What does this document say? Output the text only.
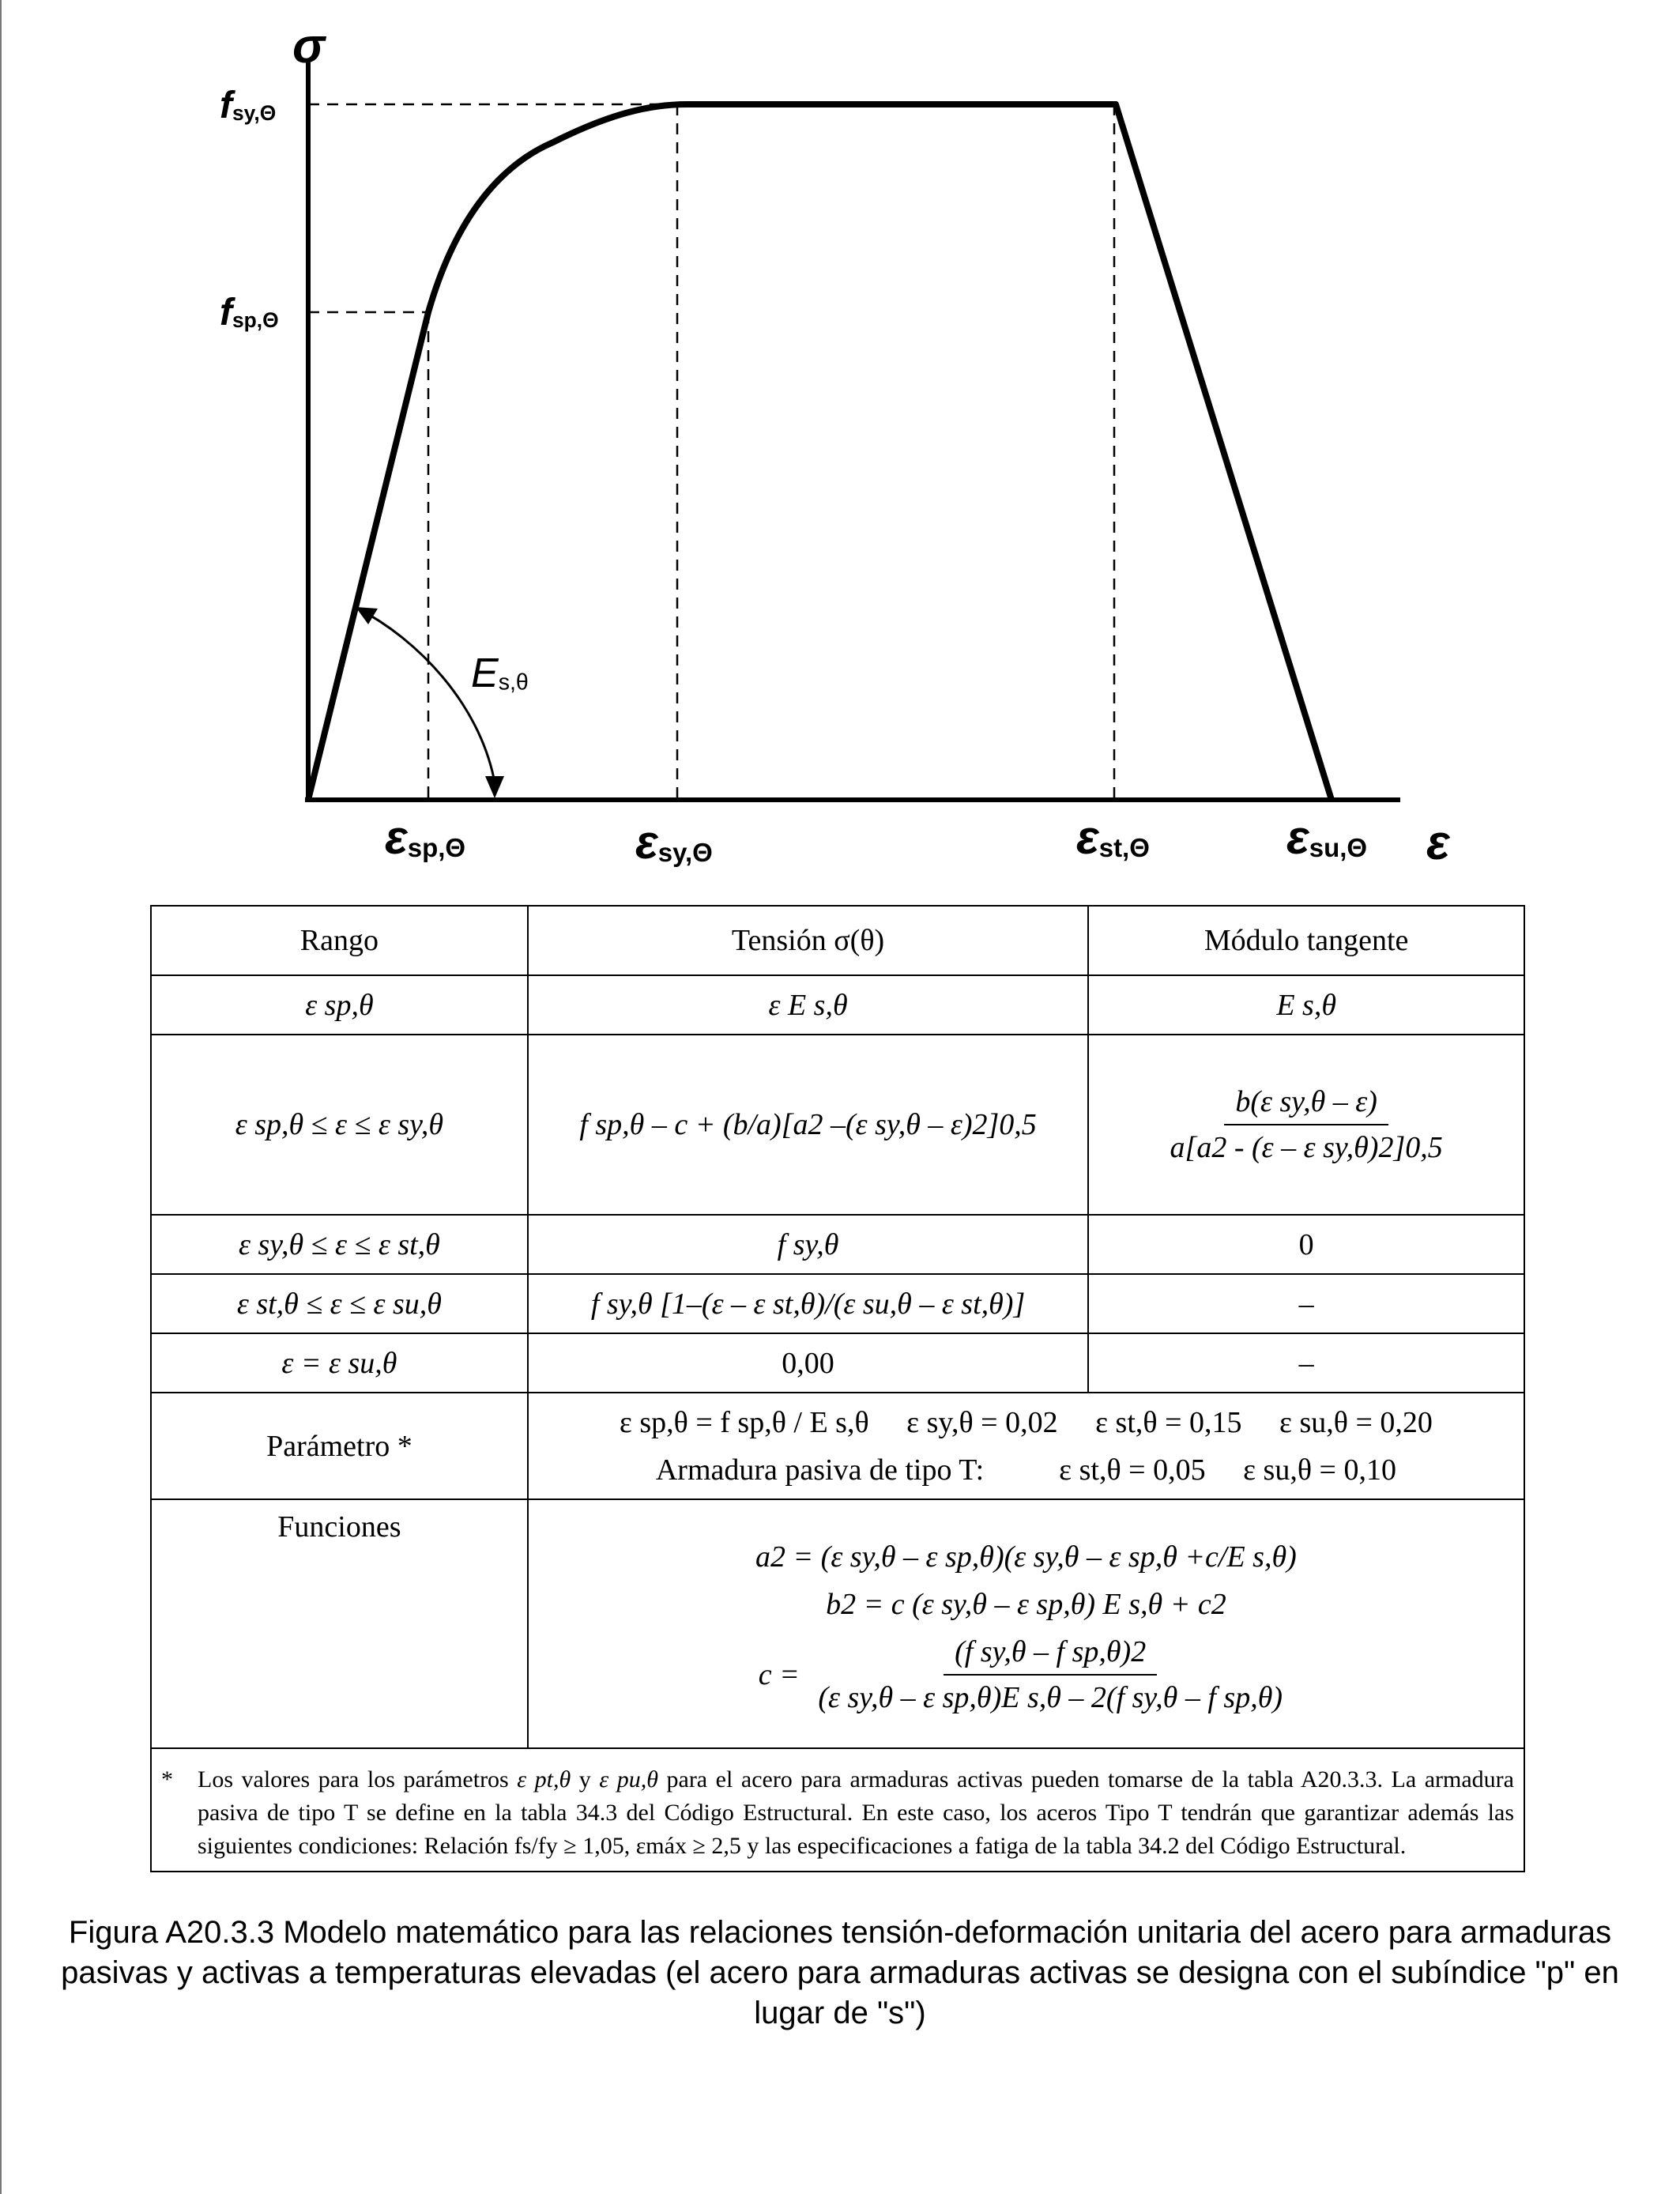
σ
fsy,Θ
fsp,Θ
Es,θ
εsp,Θ	εsy,Θ	εst,Θ	εsu,Θ ε
Rango	Tensión σ(θ)	Módulo tangente
ε sp,θ	ε E s,θ	E s,θ
ε sp,θ ≤ ε ≤ ε sy,θ	f sp,θ – c + (b/a)[a2 –(ε sy,θ – ε)2]0,5	$\frac{\text{b(ε sy,θ – ε)}}{\text{a[a2 - (ε – ε sy,θ)2]0,5}}$

ε sy,θ ≤ ε ≤ ε st,θ	f sy,θ	0
ε st,θ ≤ ε ≤ ε su,θ	f sy,θ [1–(ε – ε st,θ)/(ε su,θ – ε st,θ)]	–
ε = ε su,θ	0,00	–
Parámetro *	ε sp,θ = f sp,θ / E s,θ     ε sy,θ = 0,02     ε st,θ = 0,15     ε su,θ = 0,20
Armadura pasiva de tipo T: ε st,θ = 0,05     ε su,θ = 0,10	

Funciones	a2 = (ε sy,θ – ε sp,θ)(ε sy,θ – ε sp,θ +c/E s,θ)
b2 = c (ε sy,θ – ε sp,θ) E s,θ + c2
$c = \frac{\text{(f sy,θ – f sp,θ)2}}{\text{(ε sy,θ – ε sp,θ)E s,θ – 2(f sy,θ – f sp,θ)}}$

* Los valores para los parámetros ε pt,θ y ε pu,θ para el acero para armaduras activas pueden tomarse de la tabla A20.3.3. La armadura pasiva de tipo T se define en la tabla 34.3 del Código Estructural. En este caso, los aceros Tipo T tendrán que garantizar además las siguientes condiciones: Relación fs/fy ≥ 1,05, εmáx ≥ 2,5 y las especificaciones a fatiga de la tabla 34.2 del Código Estructural.		
Figura A20.3.3 Modelo matemático para las relaciones tensión-deformación unitaria del acero para armaduras pasivas y activas a temperaturas elevadas (el acero para armaduras activas se designa con el subíndice "p" en lugar de "s")
